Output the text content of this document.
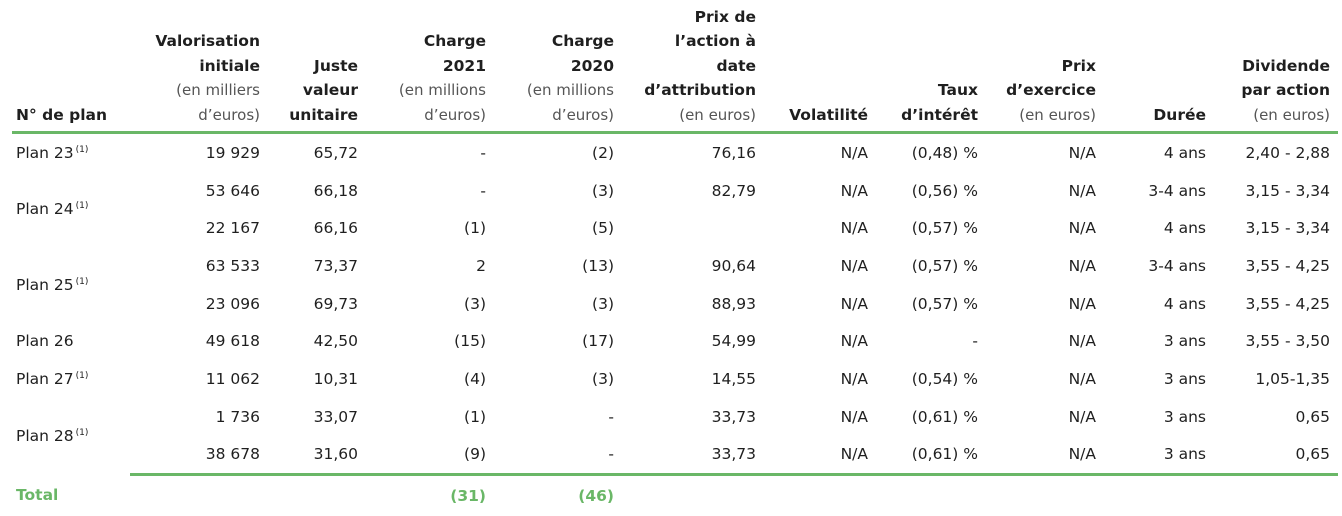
N° de plan	Valorisation
initiale
(en milliers
d’euros)	Juste
valeur
unitaire	Charge
2021
(en millions
d’euros)	Charge
2020
(en millions
d’euros)	Prix de
l’action à
date
d’attribution
(en euros)	Volatilité	Taux
d’intérêt	Prix
d’exercice
(en euros)	Durée	Dividende
par action
(en euros)

Plan 23 $^{(1)}$	19 929	65,72	-	(2)	76,16	N/A	(0,48) %	N/A	4 ans	2,40 - 2,88
Plan 24 $^{(1)}$	53 646	66,18	-	(3)	82,79	N/A	(0,56) %	N/A	3-4 ans	3,15 - 3,34
	22 167	66,16	(1)	(5)		N/A	(0,57) %	N/A	4 ans	3,15 - 3,34
Plan 25 $^{(1)}$	63 533	73,37	2	(13)	90,64	N/A	(0,57) %	N/A	3-4 ans	3,55 - 4,25
	23 096	69,73	(3)	(3)	88,93	N/A	(0,57) %	N/A	4 ans	3,55 - 4,25
Plan 26	49 618	42,50	(15)	(17)	54,99	N/A	-	N/A	3 ans	3,55 - 3,50
Plan 27 $^{(1)}$	11 062	10,31	(4)	(3)	14,55	N/A	(0,54) %	N/A	3 ans	1,05-1,35
Plan 28 $^{(1)}$	1 736	33,07	(1)	-	33,73	N/A	(0,61) %	N/A	3 ans	0,65
	38 678	31,60	(9)	-	33,73	N/A	(0,61) %	N/A	3 ans	0,65
Total			(31)	(46)						
